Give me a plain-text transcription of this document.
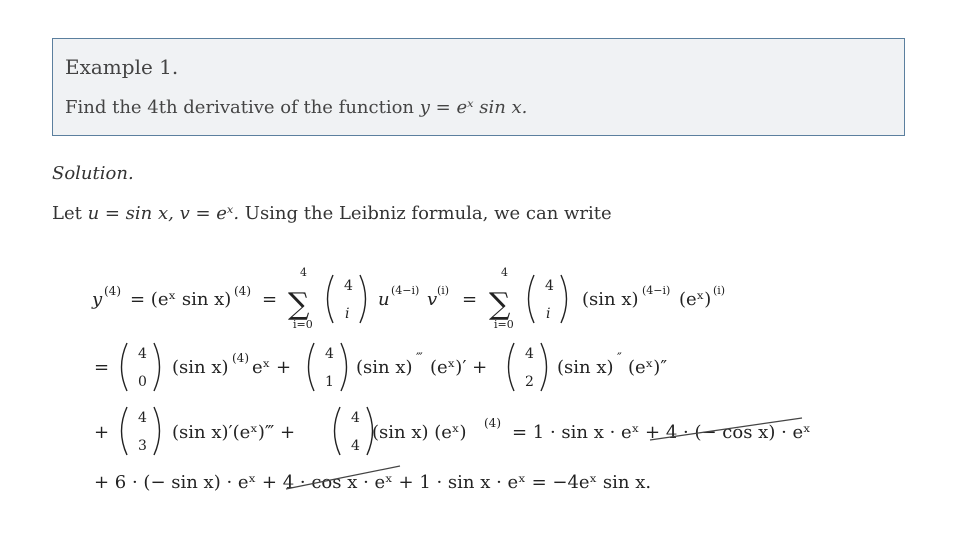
Example 1.
Find the 4th derivative of the function y = eˣ sin x.
Solution.
Let u = sin x, v = eˣ. Using the Leibniz formula, we can write
y (4) = (eˣ sin x) (4) =
4
∑
i=0
4
i
u (4−i) v (i) =
4
∑
i=0
4
i
(sin x) (4−i) (eˣ) (i)
=
4
0
(sin x) (4) eˣ +
4
1
(sin x) ‴ (eˣ)′ +
4
2
(sin x) ″ (eˣ)″
+
4
3
(sin x)′(eˣ)‴ +
4
4
(sin x) (eˣ) (4) = 1 · sin x · eˣ + 4 · (− cos x) · eˣ
+ 6 · (− sin x) · eˣ + 4 · cos x · eˣ + 1 · sin x · eˣ = −4eˣ sin x.
